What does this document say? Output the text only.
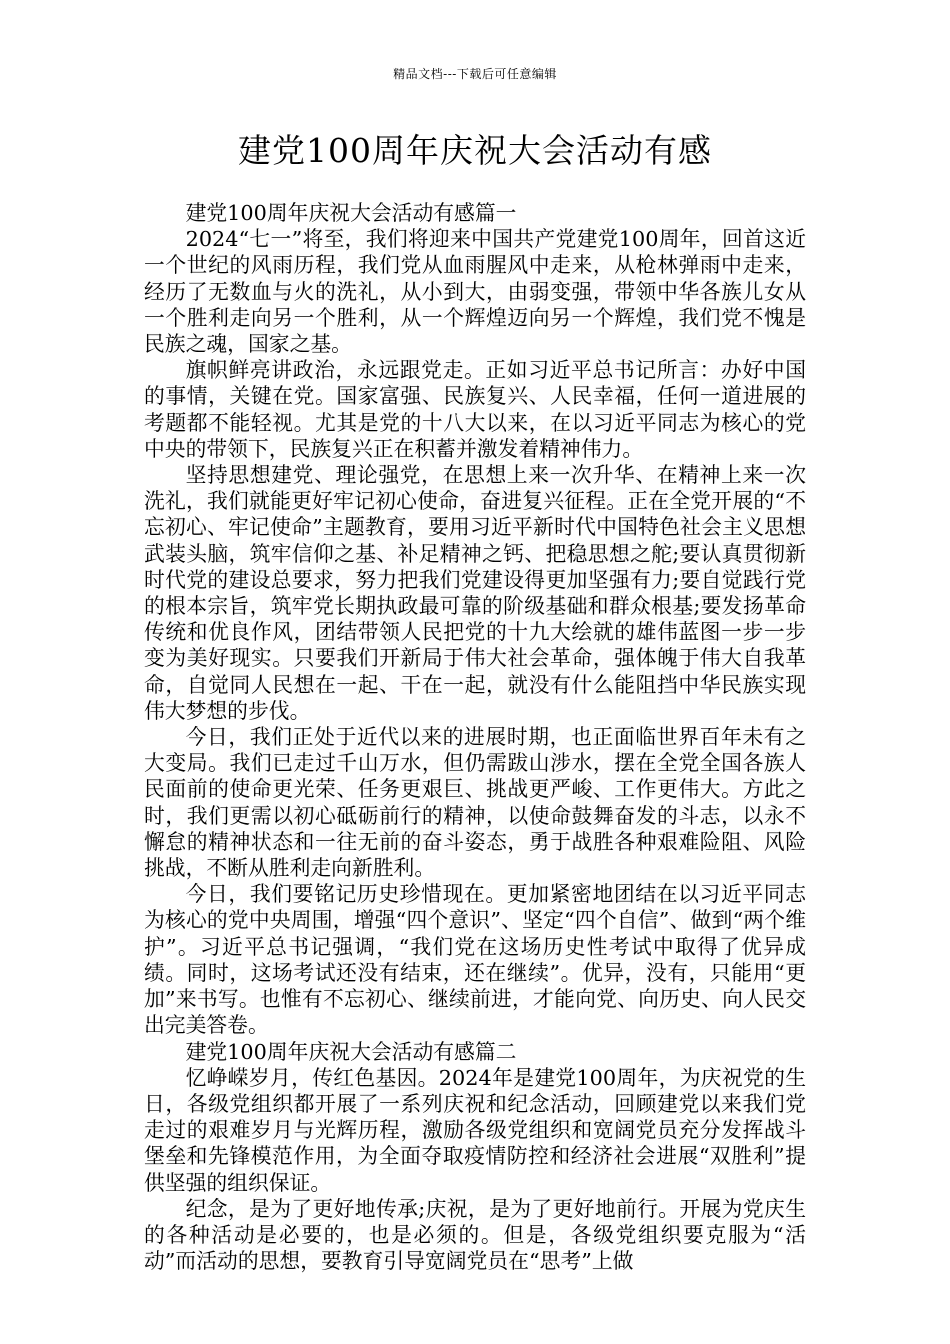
精品文档---下载后可任意编辑
建党100周年庆祝大会活动有感

建党100周年庆祝大会活动有感篇一

2024“七一”将至，我们将迎来中国共产党建党100周年，回首这近一个世纪的风雨历程，我们党从血雨腥风中走来，从枪林弹雨中走来，经历了无数血与火的洗礼，从小到大，由弱变强，带领中华各族儿女从一个胜利走向另一个胜利，从一个辉煌迈向另一个辉煌，我们党不愧是民族之魂，国家之基。

旗帜鲜亮讲政治，永远跟党走。正如习近平总书记所言：办好中国的事情，关键在党。国家富强、民族复兴、人民幸福，任何一道进展的考题都不能轻视。尤其是党的十八大以来，在以习近平同志为核心的党中央的带领下，民族复兴正在积蓄并激发着精神伟力。

坚持思想建党、理论强党，在思想上来一次升华、在精神上来一次洗礼，我们就能更好牢记初心使命，奋进复兴征程。正在全党开展的“不忘初心、牢记使命”主题教育，要用习近平新时代中国特色社会主义思想武装头脑，筑牢信仰之基、补足精神之钙、把稳思想之舵;要认真贯彻新时代党的建设总要求，努力把我们党建设得更加坚强有力;要自觉践行党的根本宗旨，筑牢党长期执政最可靠的阶级基础和群众根基;要发扬革命传统和优良作风，团结带领人民把党的十九大绘就的雄伟蓝图一步一步变为美好现实。只要我们开新局于伟大社会革命，强体魄于伟大自我革命，自觉同人民想在一起、干在一起，就没有什么能阻挡中华民族实现伟大梦想的步伐。

今日，我们正处于近代以来的进展时期，也正面临世界百年未有之大变局。我们已走过千山万水，但仍需跋山涉水，摆在全党全国各族人民面前的使命更光荣、任务更艰巨、挑战更严峻、工作更伟大。方此之时，我们更需以初心砥砺前行的精神，以使命鼓舞奋发的斗志，以永不懈怠的精神状态和一往无前的奋斗姿态，勇于战胜各种艰难险阻、风险挑战，不断从胜利走向新胜利。

今日，我们要铭记历史珍惜现在。更加紧密地团结在以习近平同志为核心的党中央周围，增强“四个意识”、坚定“四个自信”、做到“两个维护”。习近平总书记强调，“我们党在这场历史性考试中取得了优异成绩。同时，这场考试还没有结束，还在继续”。优异，没有，只能用“更加”来书写。也惟有不忘初心、继续前进，才能向党、向历史、向人民交出完美答卷。

建党100周年庆祝大会活动有感篇二

忆峥嵘岁月，传红色基因。2024年是建党100周年，为庆祝党的生日，各级党组织都开展了一系列庆祝和纪念活动，回顾建党以来我们党走过的艰难岁月与光辉历程，激励各级党组织和宽阔党员充分发挥战斗堡垒和先锋模范作用，为全面夺取疫情防控和经济社会进展“双胜利”提供坚强的组织保证。

纪念，是为了更好地传承;庆祝，是为了更好地前行。开展为党庆生的各种活动是必要的，也是必须的。但是，各级党组织要克服为“活动”而活动的思想，要教育引导宽阔党员在“思考”上做
